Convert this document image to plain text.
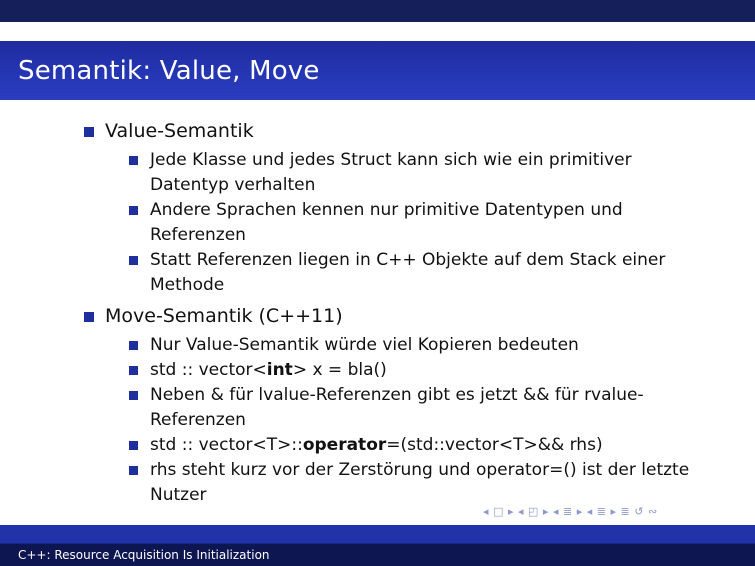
Semantik: Value, Move
Value-Semantik
Jede Klasse und jedes Struct kann sich wie ein primitiver Datentyp verhalten
Andere Sprachen kennen nur primitive Datentypen und Referenzen
Statt Referenzen liegen in C++ Objekte auf dem Stack einer Methode
Move-Semantik (C++11)
Nur Value-Semantik würde viel Kopieren bedeuten
std :: vector<int> x = bla()
Neben & für lvalue-Referenzen gibt es jetzt && für rvalue-Referenzen
std :: vector<T>::operator=(std::vector<T>&& rhs)
rhs steht kurz vor der Zerstörung und operator=() ist der letzte Nutzer
◂ □ ▸ ◂ ◰ ▸ ◂ ≣ ▸ ◂ ≣ ▸ ≣ ↺ ∾
C++: Resource Acquisition Is Initialization
